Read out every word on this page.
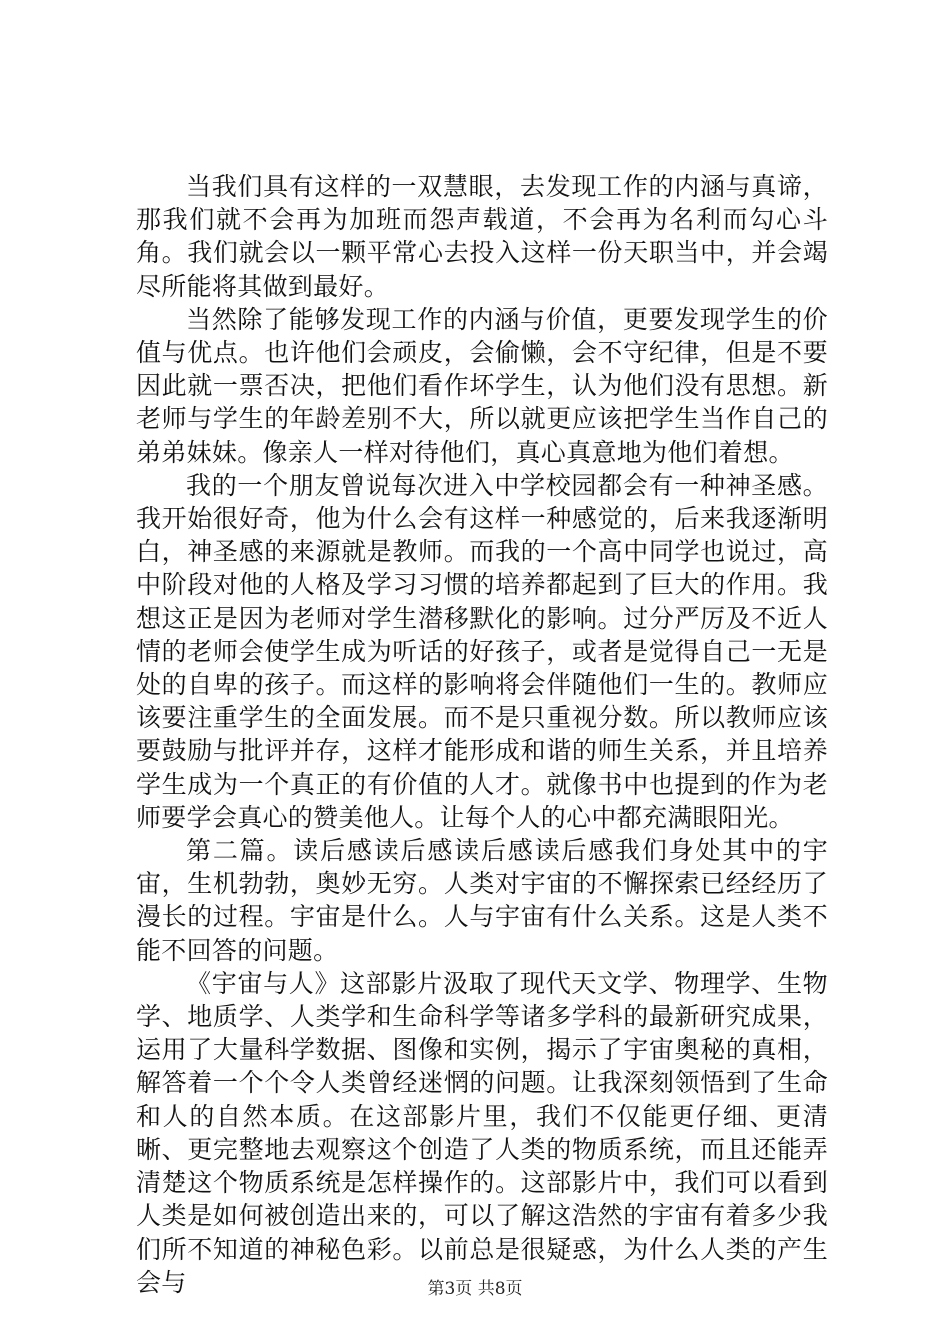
当我们具有这样的一双慧眼，去发现工作的内涵与真谛，那我们就不会再为加班而怨声载道，不会再为名利而勾心斗角。我们就会以一颗平常心去投入这样一份天职当中，并会竭尽所能将其做到最好。

当然除了能够发现工作的内涵与价值，更要发现学生的价值与优点。也许他们会顽皮，会偷懒，会不守纪律，但是不要因此就一票否决，把他们看作坏学生，认为他们没有思想。新老师与学生的年龄差别不大，所以就更应该把学生当作自己的弟弟妹妹。像亲人一样对待他们，真心真意地为他们着想。

我的一个朋友曾说每次进入中学校园都会有一种神圣感。我开始很好奇，他为什么会有这样一种感觉的，后来我逐渐明白，神圣感的来源就是教师。而我的一个高中同学也说过，高中阶段对他的人格及学习习惯的培养都起到了巨大的作用。我想这正是因为老师对学生潜移默化的影响。过分严厉及不近人情的老师会使学生成为听话的好孩子，或者是觉得自己一无是处的自卑的孩子。而这样的影响将会伴随他们一生的。教师应该要注重学生的全面发展。而不是只重视分数。所以教师应该要鼓励与批评并存，这样才能形成和谐的师生关系，并且培养学生成为一个真正的有价值的人才。就像书中也提到的作为老师要学会真心的赞美他人。让每个人的心中都充满眼阳光。

第二篇。读后感读后感读后感读后感我们身处其中的宇宙，生机勃勃，奥妙无穷。人类对宇宙的不懈探索已经经历了漫长的过程。宇宙是什么。人与宇宙有什么关系。这是人类不能不回答的问题。

《宇宙与人》这部影片汲取了现代天文学、物理学、生物学、地质学、人类学和生命科学等诸多学科的最新研究成果，运用了大量科学数据、图像和实例，揭示了宇宙奥秘的真相，解答着一个个令人类曾经迷惘的问题。让我深刻领悟到了生命和人的自然本质。在这部影片里，我们不仅能更仔细、更清晰、更完整地去观察这个创造了人类的物质系统，而且还能弄清楚这个物质系统是怎样操作的。这部影片中，我们可以看到人类是如何被创造出来的，可以了解这浩然的宇宙有着多少我们所不知道的神秘色彩。以前总是很疑惑，为什么人类的产生会与	第3页 共8页
